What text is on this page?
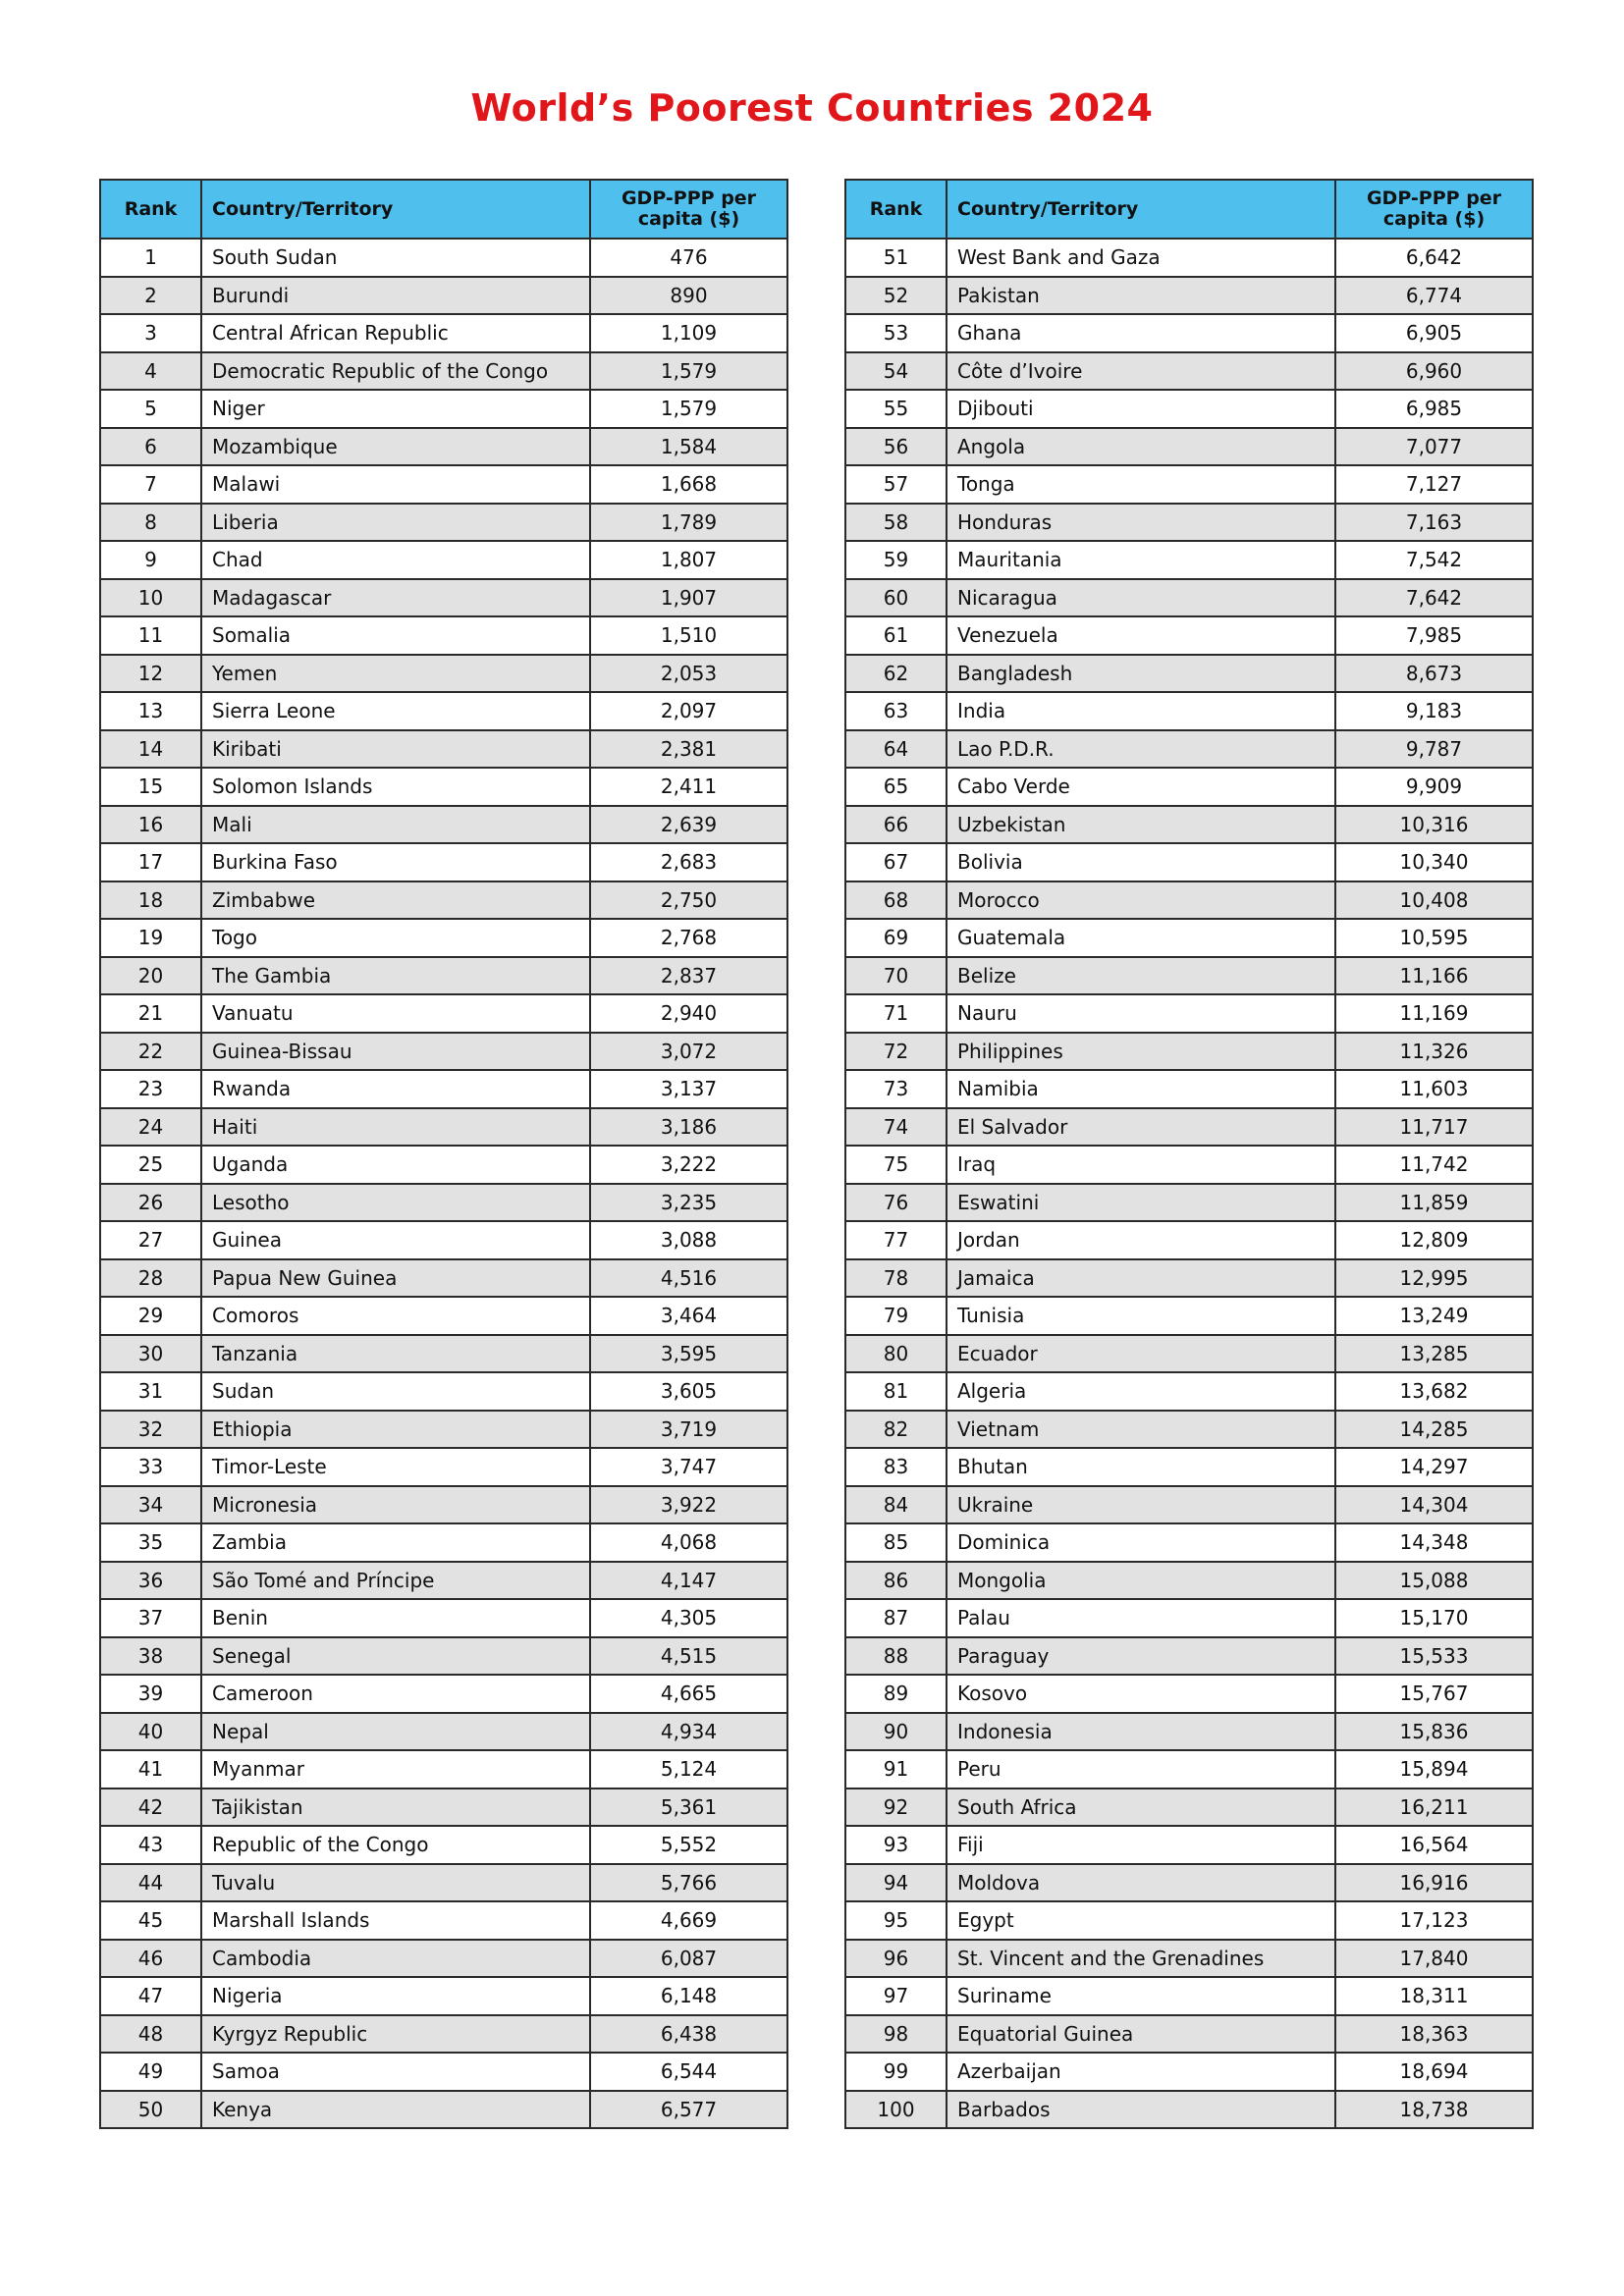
World’s Poorest Countries 2024
Rank	Country/Territory	GDP-PPP per capita ($)
1	South Sudan	476
2	Burundi	890
3	Central African Republic	1,109
4	Democratic Republic of the Congo	1,579
5	Niger	1,579
6	Mozambique	1,584
7	Malawi	1,668
8	Liberia	1,789
9	Chad	1,807
10	Madagascar	1,907
11	Somalia	1,510
12	Yemen	2,053
13	Sierra Leone	2,097
14	Kiribati	2,381
15	Solomon Islands	2,411
16	Mali	2,639
17	Burkina Faso	2,683
18	Zimbabwe	2,750
19	Togo	2,768
20	The Gambia	2,837
21	Vanuatu	2,940
22	Guinea-Bissau	3,072
23	Rwanda	3,137
24	Haiti	3,186
25	Uganda	3,222
26	Lesotho	3,235
27	Guinea	3,088
28	Papua New Guinea	4,516
29	Comoros	3,464
30	Tanzania	3,595
31	Sudan	3,605
32	Ethiopia	3,719
33	Timor-Leste	3,747
34	Micronesia	3,922
35	Zambia	4,068
36	São Tomé and Príncipe	4,147
37	Benin	4,305
38	Senegal	4,515
39	Cameroon	4,665
40	Nepal	4,934
41	Myanmar	5,124
42	Tajikistan	5,361
43	Republic of the Congo	5,552
44	Tuvalu	5,766
45	Marshall Islands	4,669
46	Cambodia	6,087
47	Nigeria	6,148
48	Kyrgyz Republic	6,438
49	Samoa	6,544
50	Kenya	6,577
Rank	Country/Territory	GDP-PPP per capita ($)
51	West Bank and Gaza	6,642
52	Pakistan	6,774
53	Ghana	6,905
54	Côte d’Ivoire	6,960
55	Djibouti	6,985
56	Angola	7,077
57	Tonga	7,127
58	Honduras	7,163
59	Mauritania	7,542
60	Nicaragua	7,642
61	Venezuela	7,985
62	Bangladesh	8,673
63	India	9,183
64	Lao P.D.R.	9,787
65	Cabo Verde	9,909
66	Uzbekistan	10,316
67	Bolivia	10,340
68	Morocco	10,408
69	Guatemala	10,595
70	Belize	11,166
71	Nauru	11,169
72	Philippines	11,326
73	Namibia	11,603
74	El Salvador	11,717
75	Iraq	11,742
76	Eswatini	11,859
77	Jordan	12,809
78	Jamaica	12,995
79	Tunisia	13,249
80	Ecuador	13,285
81	Algeria	13,682
82	Vietnam	14,285
83	Bhutan	14,297
84	Ukraine	14,304
85	Dominica	14,348
86	Mongolia	15,088
87	Palau	15,170
88	Paraguay	15,533
89	Kosovo	15,767
90	Indonesia	15,836
91	Peru	15,894
92	South Africa	16,211
93	Fiji	16,564
94	Moldova	16,916
95	Egypt	17,123
96	St. Vincent and the Grenadines	17,840
97	Suriname	18,311
98	Equatorial Guinea	18,363
99	Azerbaijan	18,694
100	Barbados	18,738
